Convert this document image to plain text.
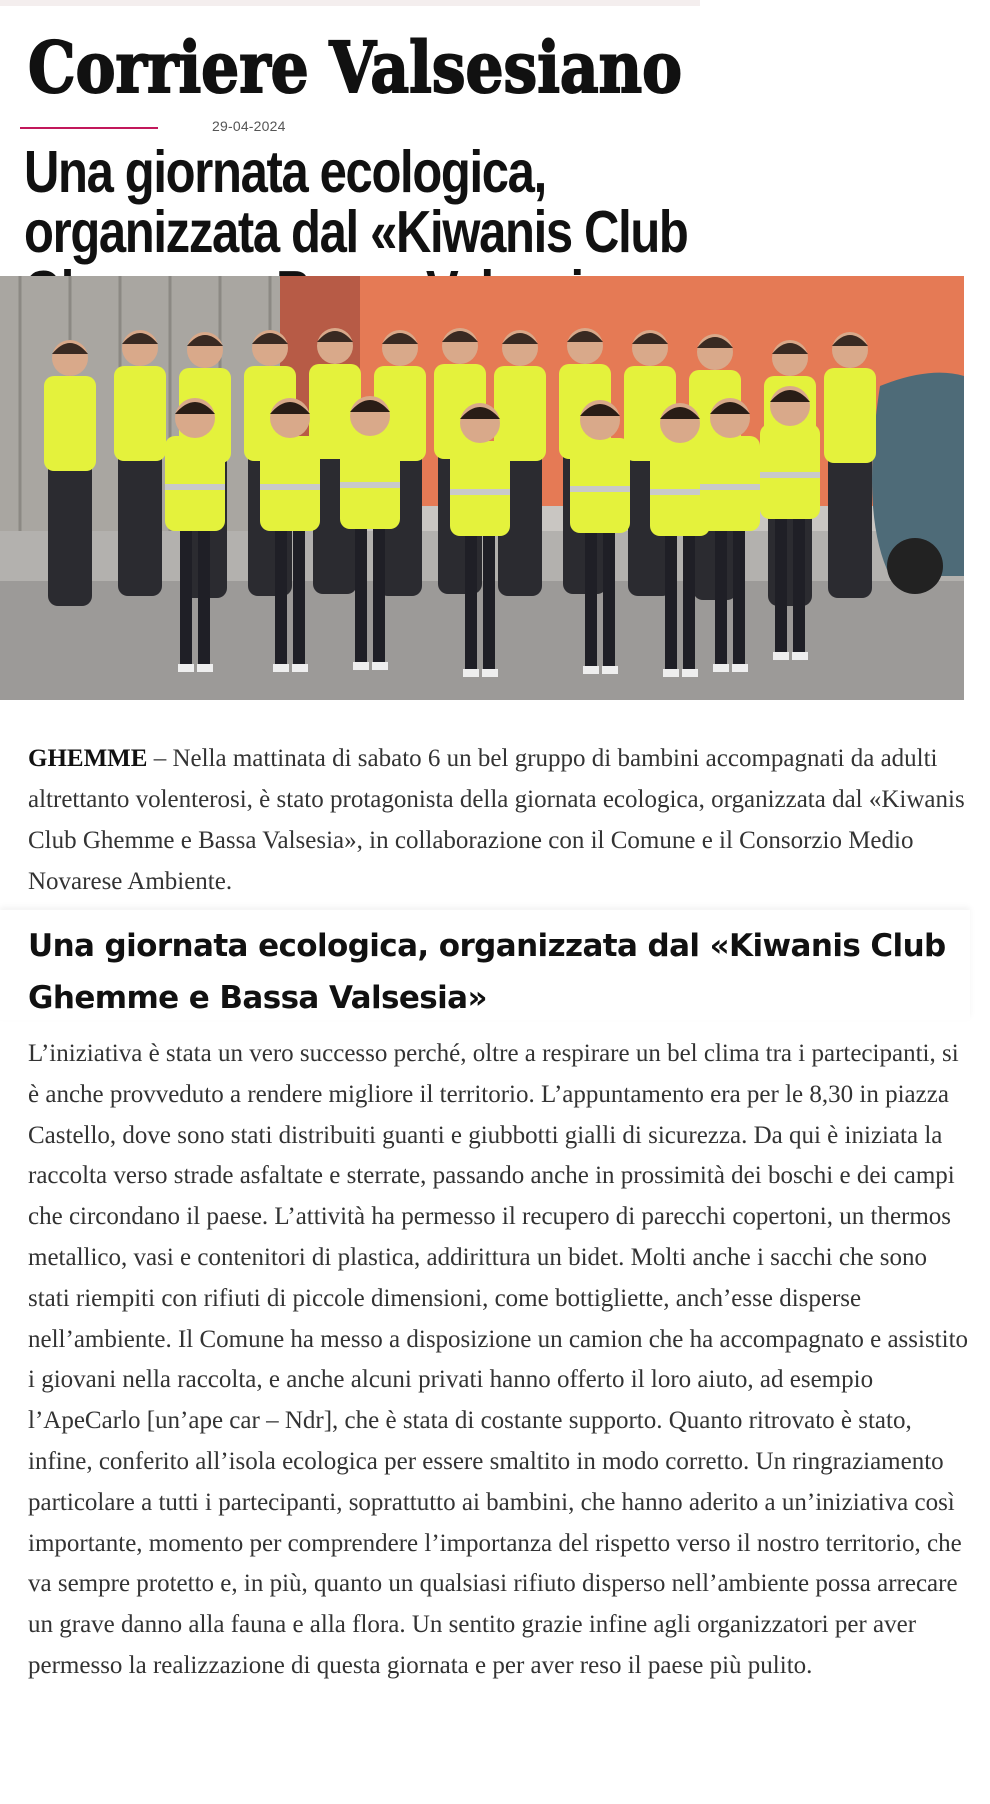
Corriere Valsesiano
29-04-2024
Una giornata ecologica, organizzata dal «Kiwanis Club

GHEMME – Nella mattinata di sabato 6 un bel gruppo di bambini accompagnati da adulti altrettanto volenterosi, è stato protagonista della giornata ecologica, organizzata dal «Kiwanis Club Ghemme e Bassa Valsesia», in collaborazione con il Comune e il Consorzio Medio Novarese Ambiente.

Una giornata ecologica, organizzata dal «Kiwanis Club Ghemme e Bassa Valsesia»

L’iniziativa è stata un vero successo perché, oltre a respirare un bel clima tra i partecipanti, si è anche provveduto a rendere migliore il territorio. L’appuntamento era per le 8,30 in piazza Castello, dove sono stati distribuiti guanti e giubbotti gialli di sicurezza. Da qui è iniziata la raccolta verso strade asfaltate e sterrate, passando anche in prossimità dei boschi e dei campi che circondano il paese. L’attività ha permesso il recupero di parecchi copertoni, un thermos metallico, vasi e contenitori di plastica, addirittura un bidet. Molti anche i sacchi che sono stati riempiti con rifiuti di piccole dimensioni, come bottigliette, anch’esse disperse nell’ambiente. Il Comune ha messo a disposizione un camion che ha accompagnato e assistito i giovani nella raccolta, e anche alcuni privati hanno offerto il loro aiuto, ad esempio l’ApeCarlo [un’ape car – Ndr], che è stata di costante supporto. Quanto ritrovato è stato, infine, conferito all’isola ecologica per essere smaltito in modo corretto. Un ringraziamento particolare a tutti i partecipanti, soprattutto ai bambini, che hanno aderito a un’iniziativa così importante, momento per comprendere l’importanza del rispetto verso il nostro territorio, che va sempre protetto e, in più, quanto un qualsiasi rifiuto disperso nell’ambiente possa arrecare un grave danno alla fauna e alla flora. Un sentito grazie infine agli organizzatori per aver permesso la realizzazione di questa giornata e per aver reso il paese più pulito.
